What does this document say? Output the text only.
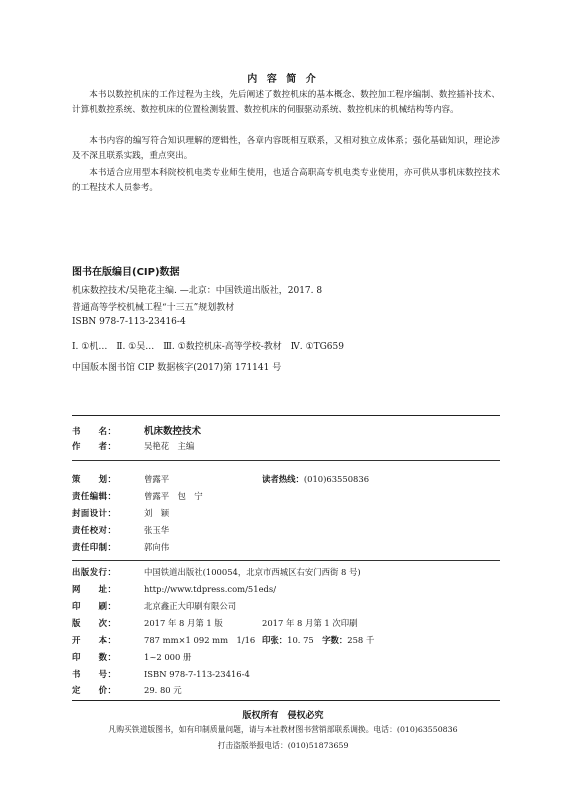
内 容 简 介
本书以数控机床的工作过程为主线，先后阐述了数控机床的基本概念、数控加工程序编制、数控插补技术、计算机数控系统、数控机床的位置检测装置、数控机床的伺服驱动系统、数控机床的机械结构等内容。
本书内容的编写符合知识理解的逻辑性，各章内容既相互联系，又相对独立成体系；强化基础知识，理论涉及不深且联系实践，重点突出。
本书适合应用型本科院校机电类专业师生使用，也适合高职高专机电类专业使用，亦可供从事机床数控技术的工程技术人员参考。
图书在版编目(CIP)数据
机床数控技术/吴艳花主编. —北京：中国铁道出版社，2017. 8
普通高等学校机械工程“十三五”规划教材
ISBN 978-7-113-23416-4
Ⅰ. ①机…　Ⅱ. ①吴…　Ⅲ. ①数控机床-高等学校-教材　Ⅳ. ①TG659
中国版本图书馆 CIP 数据核字(2017)第 171141 号
书　　名：	机床数控技术
作　　者：	吴艳花　主编
策　　划：	曾露平	读者热线：(010)63550836
责任编辑：	曾露平　包　宁
封面设计：	刘　颖
责任校对：	张玉华
责任印制：	郭向伟
出版发行：	中国铁道出版社(100054，北京市西城区右安门西街 8 号)
网　　址：	http://www.tdpress.com/51eds/
印　　刷：	北京鑫正大印刷有限公司
版　　次：	2017 年 8 月第 1 版	2017 年 8 月第 1 次印刷
开　　本：	787 mm×1 092 mm　1/16 印张：10. 75　 字数：258 千
印　　数：	1~2 000 册
书　　号：	ISBN 978-7-113-23416-4
定　　价：	29. 80 元
版权所有　侵权必究
凡购买铁道版图书，如有印制质量问题，请与本社教材图书营销部联系调换。电话：(010)63550836
打击盗版举报电话：(010)51873659
